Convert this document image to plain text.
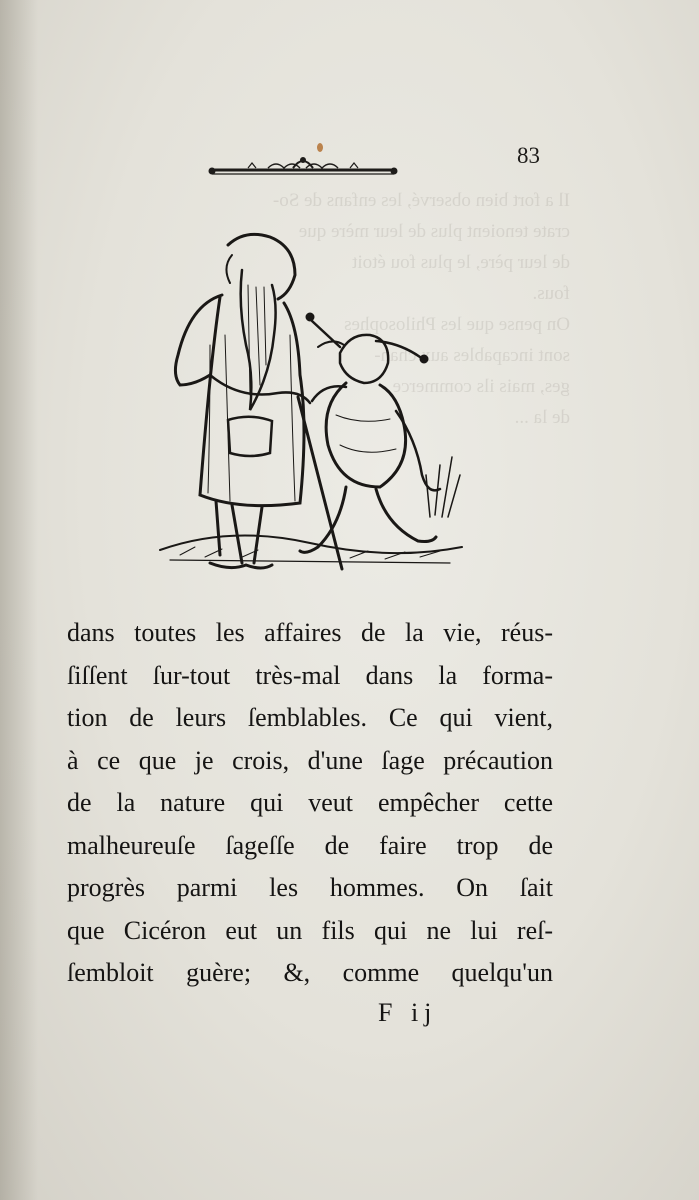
Il a fort bien observé, les enfans de So-
crate tenoient plus de leur mère que
de leur père, le plus fou étoit
fous.
On pense que les Philosophes
sont incapables aux chan-
ges, mais ils commerce
de la ...
83
dans toutes les affaires de la vie, réus-
ſiſſent ſur-tout très-mal dans la forma-
tion de leurs ſemblables. Ce qui vient,
à ce que je crois, d'une ſage précaution
de la nature qui veut empêcher cette
malheureuſe ſageſſe de faire trop de
progrès parmi les hommes. On ſait
que Cicéron eut un fils qui ne lui reſ-
ſembloit guère; &, comme quelqu'un
F ij
